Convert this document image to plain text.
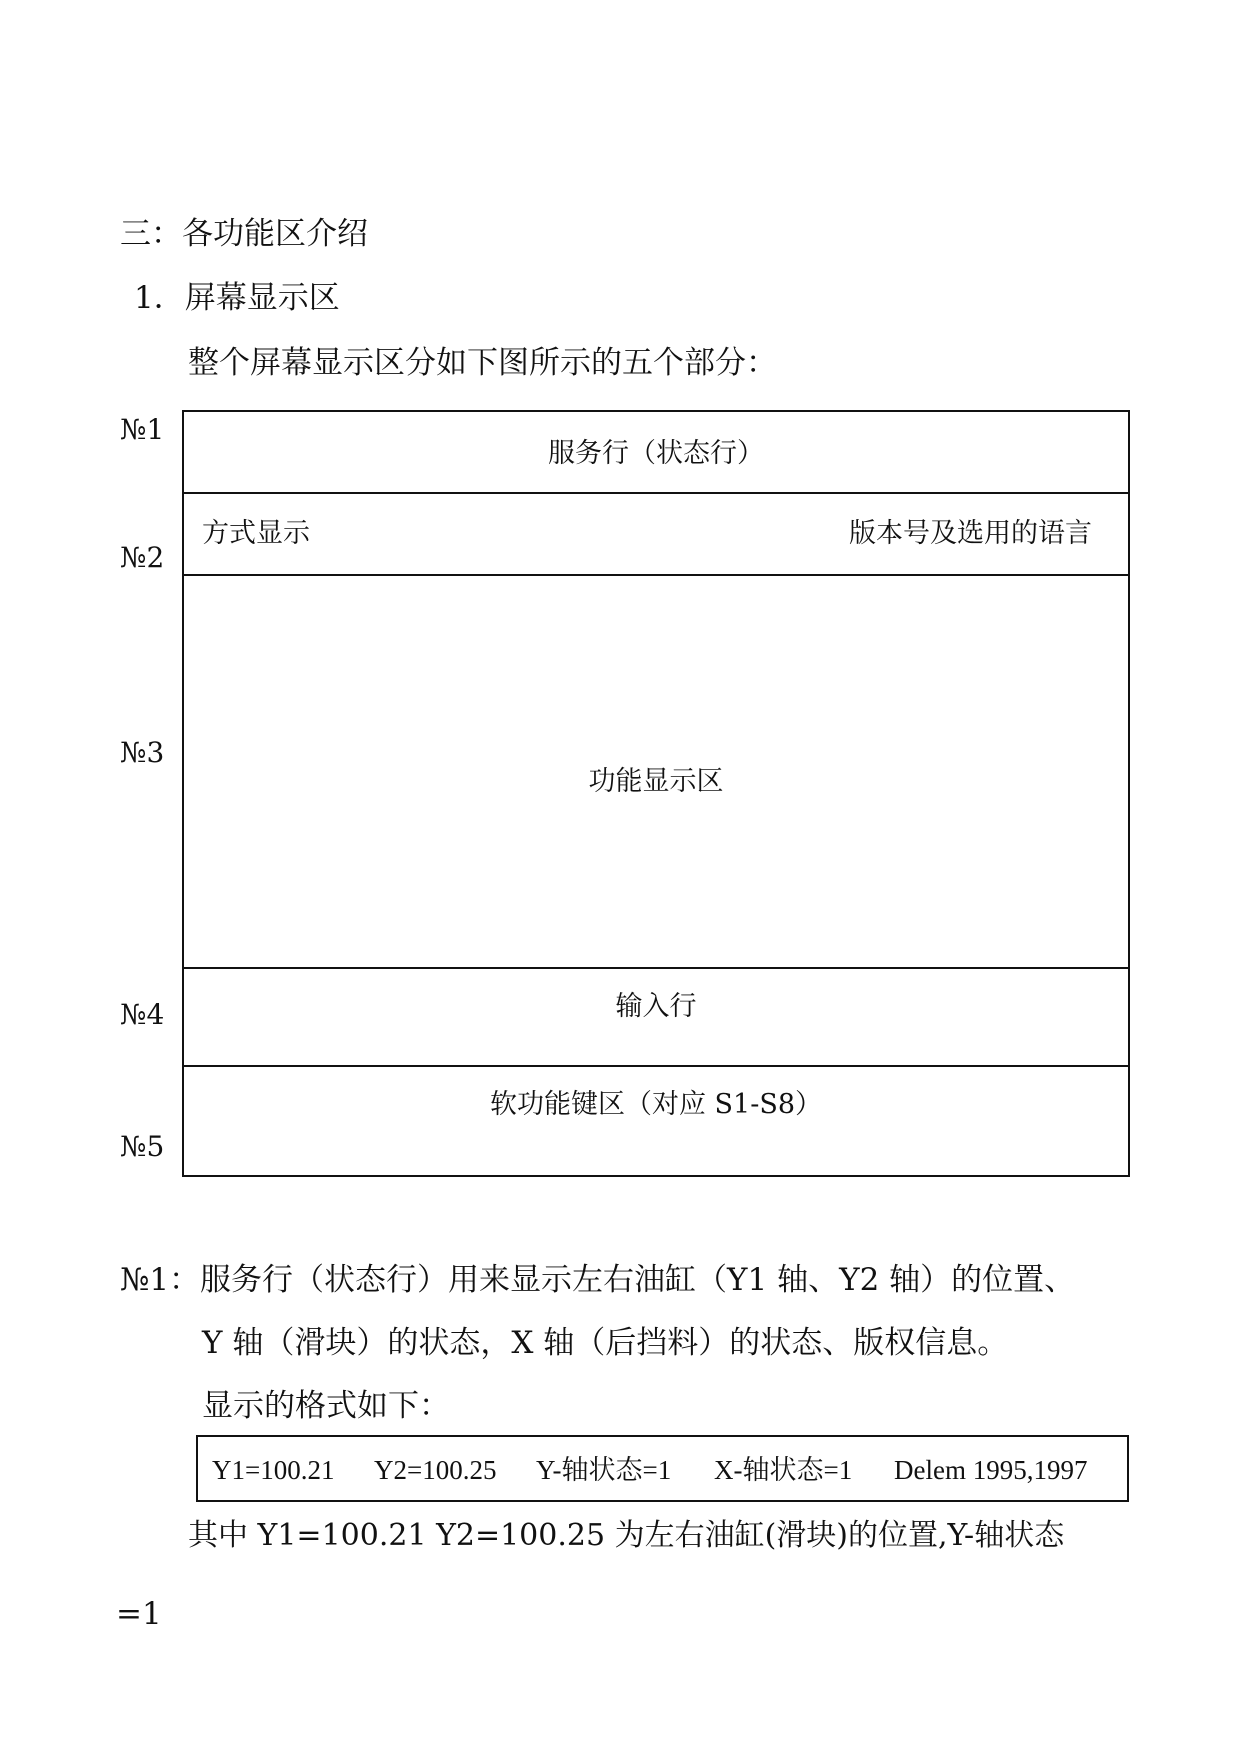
三：各功能区介绍
1．屏幕显示区
整个屏幕显示区分如下图所示的五个部分：
№1
№2
№3
№4
№5
服务行（状态行）
方式显示	版本号及选用的语言
功能显示区
输入行
软功能键区（对应 S1-S8）
№1：服务行（状态行）用来显示左右油缸（Y1 轴、Y2 轴）的位置、
Y 轴（滑块）的状态，X 轴（后挡料）的状态、版权信息。
显示的格式如下：
Y1=100.21 Y2=100.25 Y-轴状态=1 X-轴状态=1 Delem 1995,1997
其中 Y1=100.21 Y2=100.25 为左右油缸(滑块)的位置,Y-轴状态
=1
